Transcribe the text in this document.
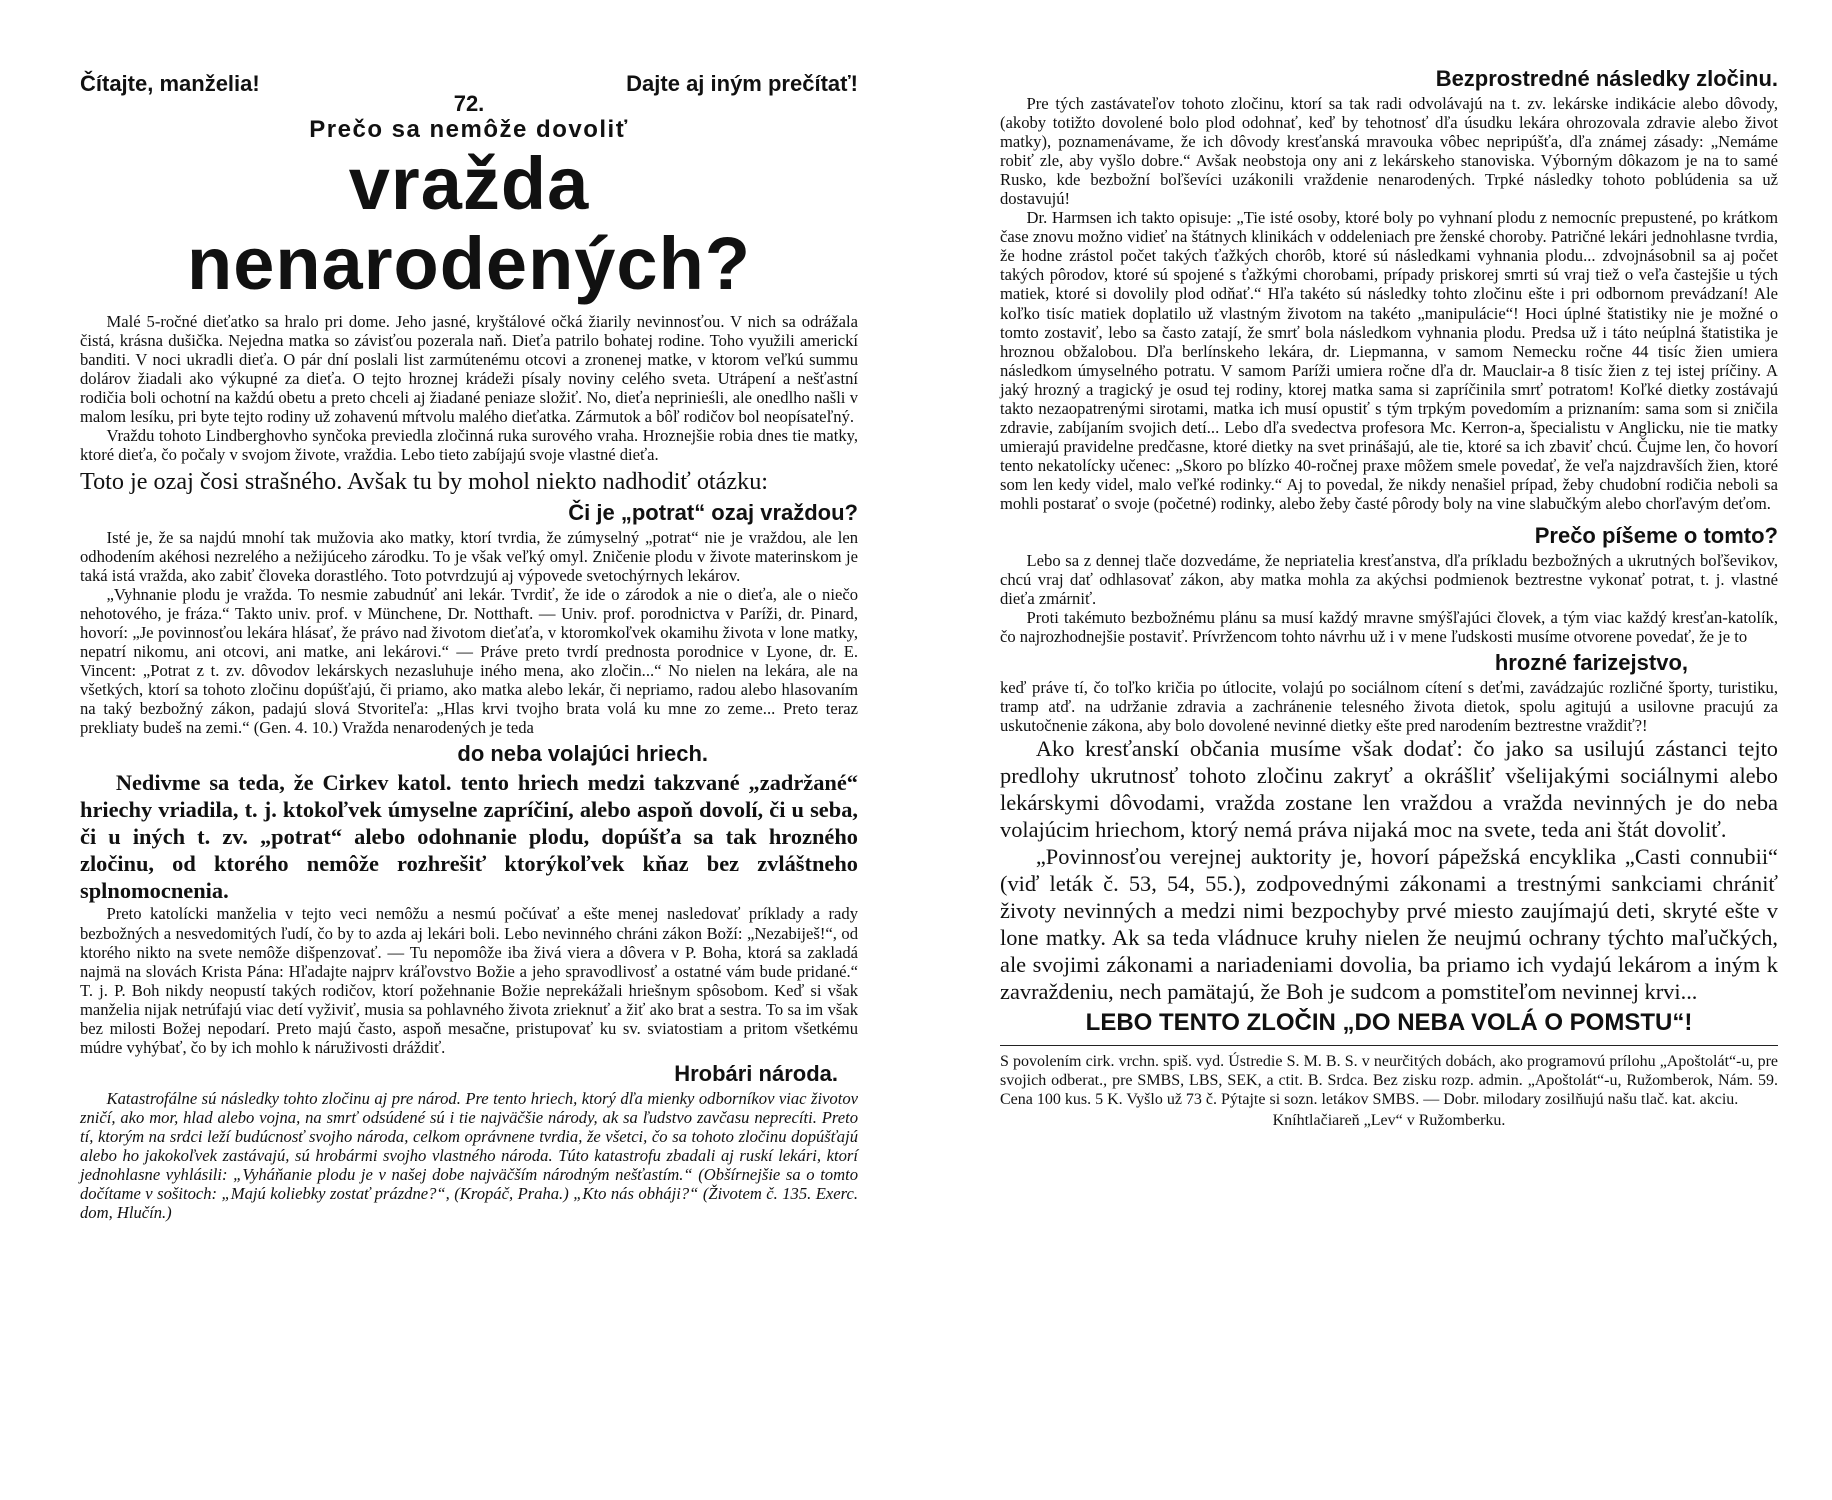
Čítajte, manželia!	Dajte aj iným prečítať!
72.
Prečo sa nemôže dovoliť
vražda nenarodených?

Malé 5-ročné dieťatko sa hralo pri dome. Jeho jasné, kryštálové očká žiarily nevinnosťou. V nich sa odrážala čistá, krásna dušička. Nejedna matka so závisťou pozerala naň. Dieťa patrilo bohatej rodine. Toho využili americkí banditi. V noci ukradli dieťa. O pár dní poslali list zarmútenému otcovi a zronenej matke, v ktorom veľkú summu dolárov žiadali ako výkupné za dieťa. O tejto hroznej krádeži písaly noviny celého sveta. Utrápení a nešťastní rodičia boli ochotní na každú obetu a preto chceli aj žiadané peniaze složiť. No, dieťa neprinieśli, ale onedlho našli v malom lesíku, pri byte tejto rodiny už zohavenú mŕtvolu malého dieťatka. Zármutok a bôľ rodičov bol neopísateľný.

Vraždu tohoto Lindberghovho synčoka previedla zločinná ruka surového vraha. Hroznejšie robia dnes tie matky, ktoré dieťa, čo počaly v svojom živote, vraždia. Lebo tieto zabíjajú svoje vlastné dieťa.

Toto je ozaj čosi strašného. Avšak tu by mohol niekto nadhodiť otázku:

Či je „potrat“ ozaj vraždou?

Isté je, že sa najdú mnohí tak mužovia ako matky, ktorí tvrdia, že zúmyselný „potrat“ nie je vraždou, ale len odhodením akéhosi nezrelého a nežijúceho zárodku. To je však veľký omyl. Zničenie plodu v živote materinskom je taká istá vražda, ako zabiť človeka dorastlého. Toto potvrdzujú aj výpovede svetochýrnych lekárov.

„Vyhnanie plodu je vražda. To nesmie zabudnúť ani lekár. Tvrdiť, že ide o zárodok a nie o dieťa, ale o niečo nehotového, je fráza.“ Takto univ. prof. v Münchene, Dr. Notthaft. — Univ. prof. porodnictva v Paríži, dr. Pinard, hovorí: „Je povinnosťou lekára hlásať, že právo nad životom dieťaťa, v ktoromkoľvek okamihu života v lone matky, nepatrí nikomu, ani otcovi, ani matke, ani lekárovi.“ — Práve preto tvrdí prednosta porodnice v Lyone, dr. E. Vincent: „Potrat z t. zv. dôvodov lekárskych nezasluhuje iného mena, ako zločin...“ No nielen na lekára, ale na všetkých, ktorí sa tohoto zločinu dopúšťajú, či priamo, ako matka alebo lekár, či nepriamo, radou alebo hlasovaním na taký bezbožný zákon, padajú slová Stvoriteľa: „Hlas krvi tvojho brata volá ku mne zo zeme... Preto teraz prekliaty budeš na zemi.“ (Gen. 4. 10.) Vražda nenarodených je teda

do neba volajúci hriech.

Nedivme sa teda, že Cirkev katol. tento hriech medzi takzvané „zadržané“ hriechy vriadila, t. j. ktokoľvek úmyselne zapríčiní, alebo aspoň dovolí, či u seba, či u iných t. zv. „potrat“ alebo odohnanie plodu, dopúšťa sa tak hrozného zločinu, od ktorého nemôže rozhrešiť ktorýkoľvek kňaz bez zvláštneho splnomocnenia.

Preto katolícki manželia v tejto veci nemôžu a nesmú počúvať a ešte menej nasledovať príklady a rady bezbožných a nesvedomitých ľudí, čo by to azda aj lekári boli. Lebo nevinného chráni zákon Boží: „Nezabiješ!“, od ktorého nikto na svete nemôže dišpenzovať. — Tu nepomôže iba živá viera a dôvera v P. Boha, ktorá sa zakladá najmä na slovách Krista Pána: Hľadajte najprv kráľovstvo Božie a jeho spravodlivosť a ostatné vám bude pridané.“ T. j. P. Boh nikdy neopustí takých rodičov, ktorí požehnanie Božie neprekážali hriešnym spôsobom. Keď si však manželia nijak netrúfajú viac detí vyživiť, musia sa pohlavného života zrieknuť a žiť ako brat a sestra. To sa im však bez milosti Božej nepodarí. Preto majú často, aspoň mesačne, pristupovať ku sv. sviatostiam a pritom všetkému múdre vyhýbať, čo by ich mohlo k náruživosti dráždiť.

Hrobári národa.

Katastrofálne sú následky tohto zločinu aj pre národ. Pre tento hriech, ktorý dľa mienky odborníkov viac životov zničí, ako mor, hlad alebo vojna, na smrť odsúdené sú i tie najväčšie národy, ak sa ľudstvo zavčasu neprecíti. Preto tí, ktorým na srdci leží budúcnosť svojho národa, celkom oprávnene tvrdia, že všetci, čo sa tohoto zločinu dopúšťajú alebo ho jakokoľvek zastávajú, sú hrobármi svojho vlastného národa. Túto katastrofu zbadali aj ruskí lekári, ktorí jednohlasne vyhlásili: „Vyháňanie plodu je v našej dobe najväčším národným nešťastím.“ (Obšírnejšie sa o tomto dočítame v sošitoch: „Majú koliebky zostať prázdne?“, (Kropáč, Praha.) „Kto nás obháji?“ (Životem č. 135. Exerc. dom, Hlučín.)

Bezprostredné následky zločinu.

Pre tých zastávateľov tohoto zločinu, ktorí sa tak radi odvolávajú na t. zv. lekárske indikácie alebo dôvody, (akoby totižto dovolené bolo plod odohnať, keď by tehotnosť dľa úsudku lekára ohrozovala zdravie alebo život matky), poznamenávame, že ich dôvody kresťanská mravouka vôbec nepripúšťa, dľa známej zásady: „Nemáme robiť zle, aby vyšlo dobre.“ Avšak neobstoja ony ani z lekárskeho stanoviska. Výborným dôkazom je na to samé Rusko, kde bezbožní boľševíci uzákonili vraždenie nenarodených. Trpké následky tohoto poblúdenia sa už dostavujú!

Dr. Harmsen ich takto opisuje: „Tie isté osoby, ktoré boly po vyhnaní plodu z nemocníc prepustené, po krátkom čase znovu možno vidieť na štátnych klinikách v oddeleniach pre ženské choroby. Patričné lekári jednohlasne tvrdia, že hodne zrástol počet takých ťažkých chorôb, ktoré sú následkami vyhnania plodu... zdvojnásobnil sa aj počet takých pôrodov, ktoré sú spojené s ťažkými chorobami, prípady priskorej smrti sú vraj tiež o veľa častejšie u tých matiek, ktoré si dovolily plod odňať.“ Hľa takéto sú následky tohto zločinu ešte i pri odbornom prevádzaní! Ale koľko tisíc matiek doplatilo už vlastným životom na takéto „manipulácie“! Hoci úplné štatistiky nie je možné o tomto zostaviť, lebo sa často zatají, že smrť bola následkom vyhnania plodu. Predsa už i táto neúplná štatistika je hroznou obžalobou. Dľa berlínskeho lekára, dr. Liepmanna, v samom Nemecku ročne 44 tisíc žien umiera následkom úmyselného potratu. V samom Paríži umiera ročne dľa dr. Mauclair-a 8 tisíc žien z tej istej príčiny. A jaký hrozný a tragický je osud tej rodiny, ktorej matka sama si zapríčinila smrť potratom! Koľké dietky zostávajú takto nezaopatrenými sirotami, matka ich musí opustiť s tým trpkým povedomím a priznaním: sama som si zničila zdravie, zabíjaním svojich detí... Lebo dľa svedectva profesora Mc. Kerron-a, špecialistu v Anglicku, nie tie matky umierajú pravidelne predčasne, ktoré dietky na svet prinášajú, ale tie, ktoré sa ich zbaviť chcú. Čujme len, čo hovorí tento nekatolícky učenec: „Skoro po blízko 40-ročnej praxe môžem smele povedať, že veľa najzdravších žien, ktoré som len kedy videl, malo veľké rodinky.“ Aj to povedal, že nikdy nenašiel prípad, žeby chudobní rodičia neboli sa mohli postarať o svoje (početné) rodinky, alebo žeby časté pôrody boly na vine slabučkým alebo chorľavým deťom.

Prečo píšeme o tomto?

Lebo sa z dennej tlače dozvedáme, že nepriatelia kresťanstva, dľa príkladu bezbožných a ukrutných boľševikov, chcú vraj dať odhlasovať zákon, aby matka mohla za akýchsi podmienok beztrestne vykonať potrat, t. j. vlastné dieťa zmárniť.

Proti takémuto bezbožnému plánu sa musí každý mravne smýšľajúci človek, a tým viac každý kresťan-katolík, čo najrozhodnejšie postaviť. Prívržencom tohto návrhu už i v mene ľudskosti musíme otvorene povedať, že je to

hrozné farizejstvo,

keď práve tí, čo toľko kričia po útlocite, volajú po sociálnom cítení s deťmi, zavádzajúc rozličné športy, turistiku, tramp atď. na udržanie zdravia a zachránenie telesného života dietok, spolu agitujú a usilovne pracujú za uskutočnenie zákona, aby bolo dovolené nevinné dietky ešte pred narodením beztrestne vraždiť?!

Ako kresťanskí občania musíme však dodať: čo jako sa usilujú zástanci tejto predlohy ukrutnosť tohoto zločinu zakryť a okrášliť všelijakými sociálnymi alebo lekárskymi dôvodami, vražda zostane len vraždou a vražda nevinných je do neba volajúcim hriechom, ktorý nemá práva nijaká moc na svete, teda ani štát dovoliť.

„Povinnosťou verejnej auktority je, hovorí pápežská encyklika „Casti connubii“ (viď leták č. 53, 54, 55.), zodpovednými zákonami a trestnými sankciami chrániť životy nevinných a medzi nimi bezpochyby prvé miesto zaujímajú deti, skryté ešte v lone matky. Ak sa teda vládnuce kruhy nielen že neujmú ochrany týchto maľučkých, ale svojimi zákonami a nariadeniami dovolia, ba priamo ich vydajú lekárom a iným k zavraždeniu, nech pamätajú, že Boh je sudcom a pomstiteľom nevinnej krvi...

LEBO TENTO ZLOČIN „DO NEBA VOLÁ O POMSTU“!

S povolením cirk. vrchn. spiš. vyd. Ústredie S. M. B. S. v neurčitých dobách, ako programovú prílohu „Apoštolát“-u, pre svojich odberat., pre SMBS, LBS, SEK, a ctit. B. Srdca. Bez zisku rozp. admin. „Apoštolát“-u, Ružomberok, Nám. 59. Cena 100 kus. 5 K. Vyšlo už 73 č. Pýtajte si sozn. letákov SMBS. — Dobr. milodary zosilňujú našu tlač. kat. akciu.

Kníhtlačiareň „Lev“ v Ružomberku.
